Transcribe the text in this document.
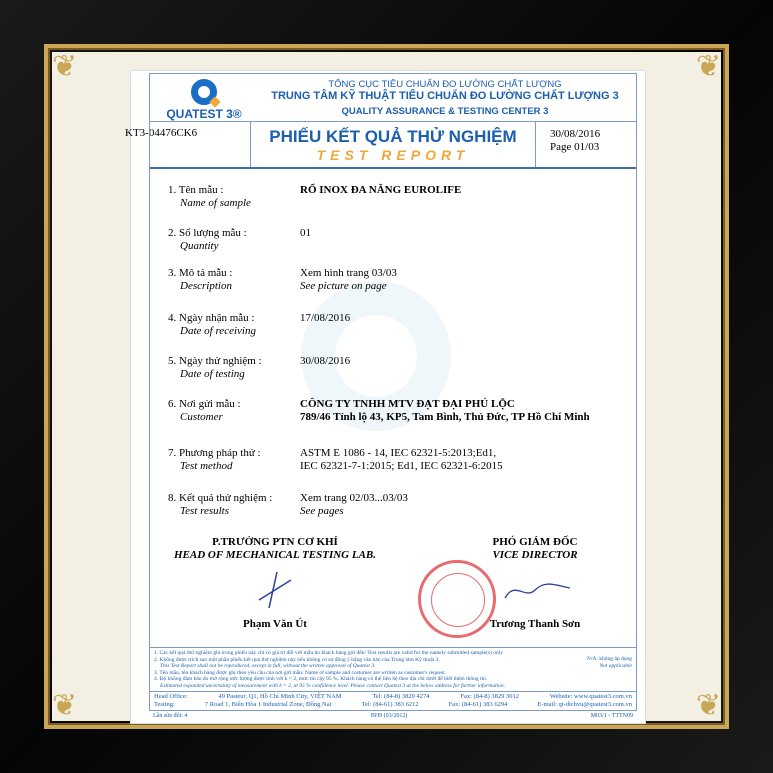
❦	❦
❦	❦
KT3-04476CK6
QUATEST 3®
TỔNG CỤC TIÊU CHUẨN ĐO LƯỜNG CHẤT LƯỢNG
TRUNG TÂM KỸ THUẬT TIÊU CHUẨN ĐO LƯỜNG CHẤT LƯỢNG 3
QUALITY ASSURANCE & TESTING CENTER 3
PHIẾU KẾT QUẢ THỬ NGHIỆM
TEST REPORT
30/08/2016
Page 01/03
1. Tên mẫu :
Name of sample
RỔ INOX ĐA NĂNG EUROLIFE
2. Số lượng mẫu :
Quantity
01
3. Mô tả mẫu :
Description
Xem hình trang 03/03
See picture on page
4. Ngày nhận mẫu :
Date of receiving
17/08/2016
5. Ngày thử nghiệm :
Date of testing
30/08/2016
6. Nơi gửi mẫu :
Customer
CÔNG TY TNHH MTV ĐẠT ĐẠI PHÚ LỘC
789/46 Tỉnh lộ 43, KP5, Tam Bình, Thủ Đức, TP Hồ Chí Minh
7. Phương pháp thử :
Test method
ASTM E 1086 - 14, IEC 62321-5:2013;Ed1,
IEC 62321-7-1:2015; Ed1, IEC 62321-6:2015
8. Kết quả thử nghiệm :
Test results
Xem trang 02/03...03/03
See pages
P.TRƯỞNG PTN CƠ KHÍ
HEAD OF MECHANICAL TESTING LAB.
Phạm Văn Út
PHÓ GIÁM ĐỐC
VICE DIRECTOR
Trương Thanh Sơn
1. Các kết quả thử nghiệm ghi trong phiếu này chỉ có giá trị đối với mẫu do khách hàng gửi đến/ Test results are valid for the namely submitted sample(s) only
2. Không được trích sao một phần phiếu kết quả thử nghiệm này nếu không có sự đồng ý bằng văn bản của Trung tâm Kỹ thuật 3.
This Test Report shall not be reproduced, except in full, without the written approval of Quatest 3.
3. Tên mẫu, tên khách hàng được ghi theo yêu cầu của nơi gửi mẫu/ Name of sample and customer are written as customer's request.
4. Độ không đảm bảo đo mở rộng ước lượng được tính với k = 2, mức tin cậy 95 %. Khách hàng có thể liên hệ theo địa chỉ dưới để biết thêm thông tin.
Estimated expanded uncertainty of measurement with k = 2, at 95 % confidence level. Please contact Quatest 3 at the below address for further information.
N/A: không áp dụng
Not applicable
Head Office:	49 Pasteur, Q1, Hồ Chí Minh City, VIỆT NAM	Tel: (84-8) 3829 4274	Fax: (84-8) 3829 3012	Website: www.quatest3.com.vn
Testing:	7 Road 1, Biên Hòa 1 Industrial Zone, Đồng Nai	Tel: (84-61) 383 6212	Fax: (84-61) 383 6294	E-mail: qt-dichvu@quatest3.com.vn
Lần sửa đổi: 4	BH9 (03/2012)	M03/1 - TTTN09
